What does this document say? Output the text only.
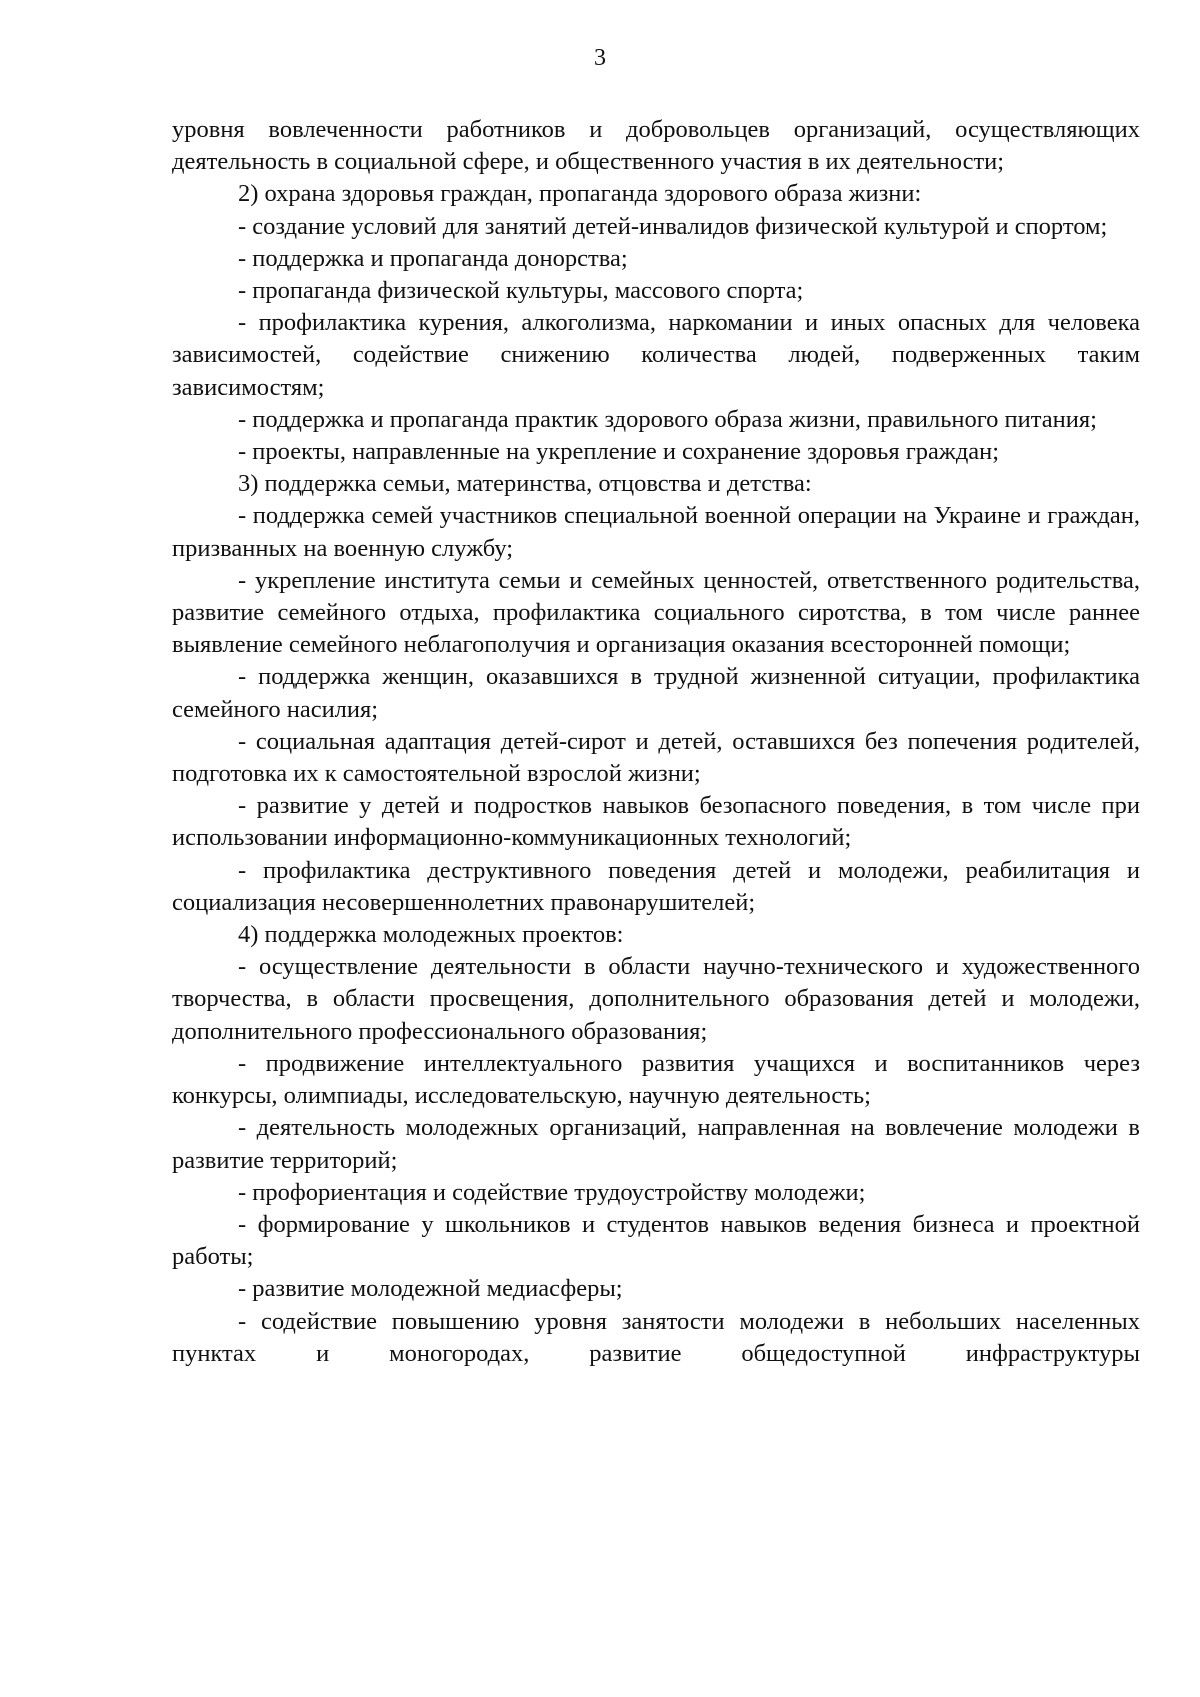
3

уровня вовлеченности работников и добровольцев организаций, осуществляющих деятельность в социальной сфере, и общественного участия в их деятельности;

2) охрана здоровья граждан, пропаганда здорового образа жизни:

- создание условий для занятий детей-инвалидов физической культурой и спортом;

- поддержка и пропаганда донорства;

- пропаганда физической культуры, массового спорта;

- профилактика курения, алкоголизма, наркомании и иных опасных для человека зависимостей, содействие снижению количества людей, подверженных таким зависимостям;

- поддержка и пропаганда практик здорового образа жизни, правильного питания;

- проекты, направленные на укрепление и сохранение здоровья граждан;

3) поддержка семьи, материнства, отцовства и детства:

- поддержка семей участников специальной военной операции на Украине и граждан, призванных на военную службу;

- укрепление института семьи и семейных ценностей, ответственного родительства, развитие семейного отдыха, профилактика социального сиротства, в том числе раннее выявление семейного неблагополучия и организация оказания всесторонней помощи;

- поддержка женщин, оказавшихся в трудной жизненной ситуации, профилактика семейного насилия;

- социальная адаптация детей-сирот и детей, оставшихся без попечения родителей, подготовка их к самостоятельной взрослой жизни;

- развитие у детей и подростков навыков безопасного поведения, в том числе при использовании информационно-коммуникационных технологий;

- профилактика деструктивного поведения детей и молодежи, реабилитация и социализация несовершеннолетних правонарушителей;

4) поддержка молодежных проектов:

- осуществление деятельности в области научно-технического и художественного творчества, в области просвещения, дополнительного образования детей и молодежи, дополнительного профессионального образования;

- продвижение интеллектуального развития учащихся и воспитанников через конкурсы, олимпиады, исследовательскую, научную деятельность;

- деятельность молодежных организаций, направленная на вовлечение молодежи в развитие территорий;

- профориентация и содействие трудоустройству молодежи;

- формирование у школьников и студентов навыков ведения бизнеса и проектной работы;

- развитие молодежной медиасферы;

- содействие повышению уровня занятости молодежи в небольших населенных пунктах и моногородах, развитие общедоступной инфраструктуры
